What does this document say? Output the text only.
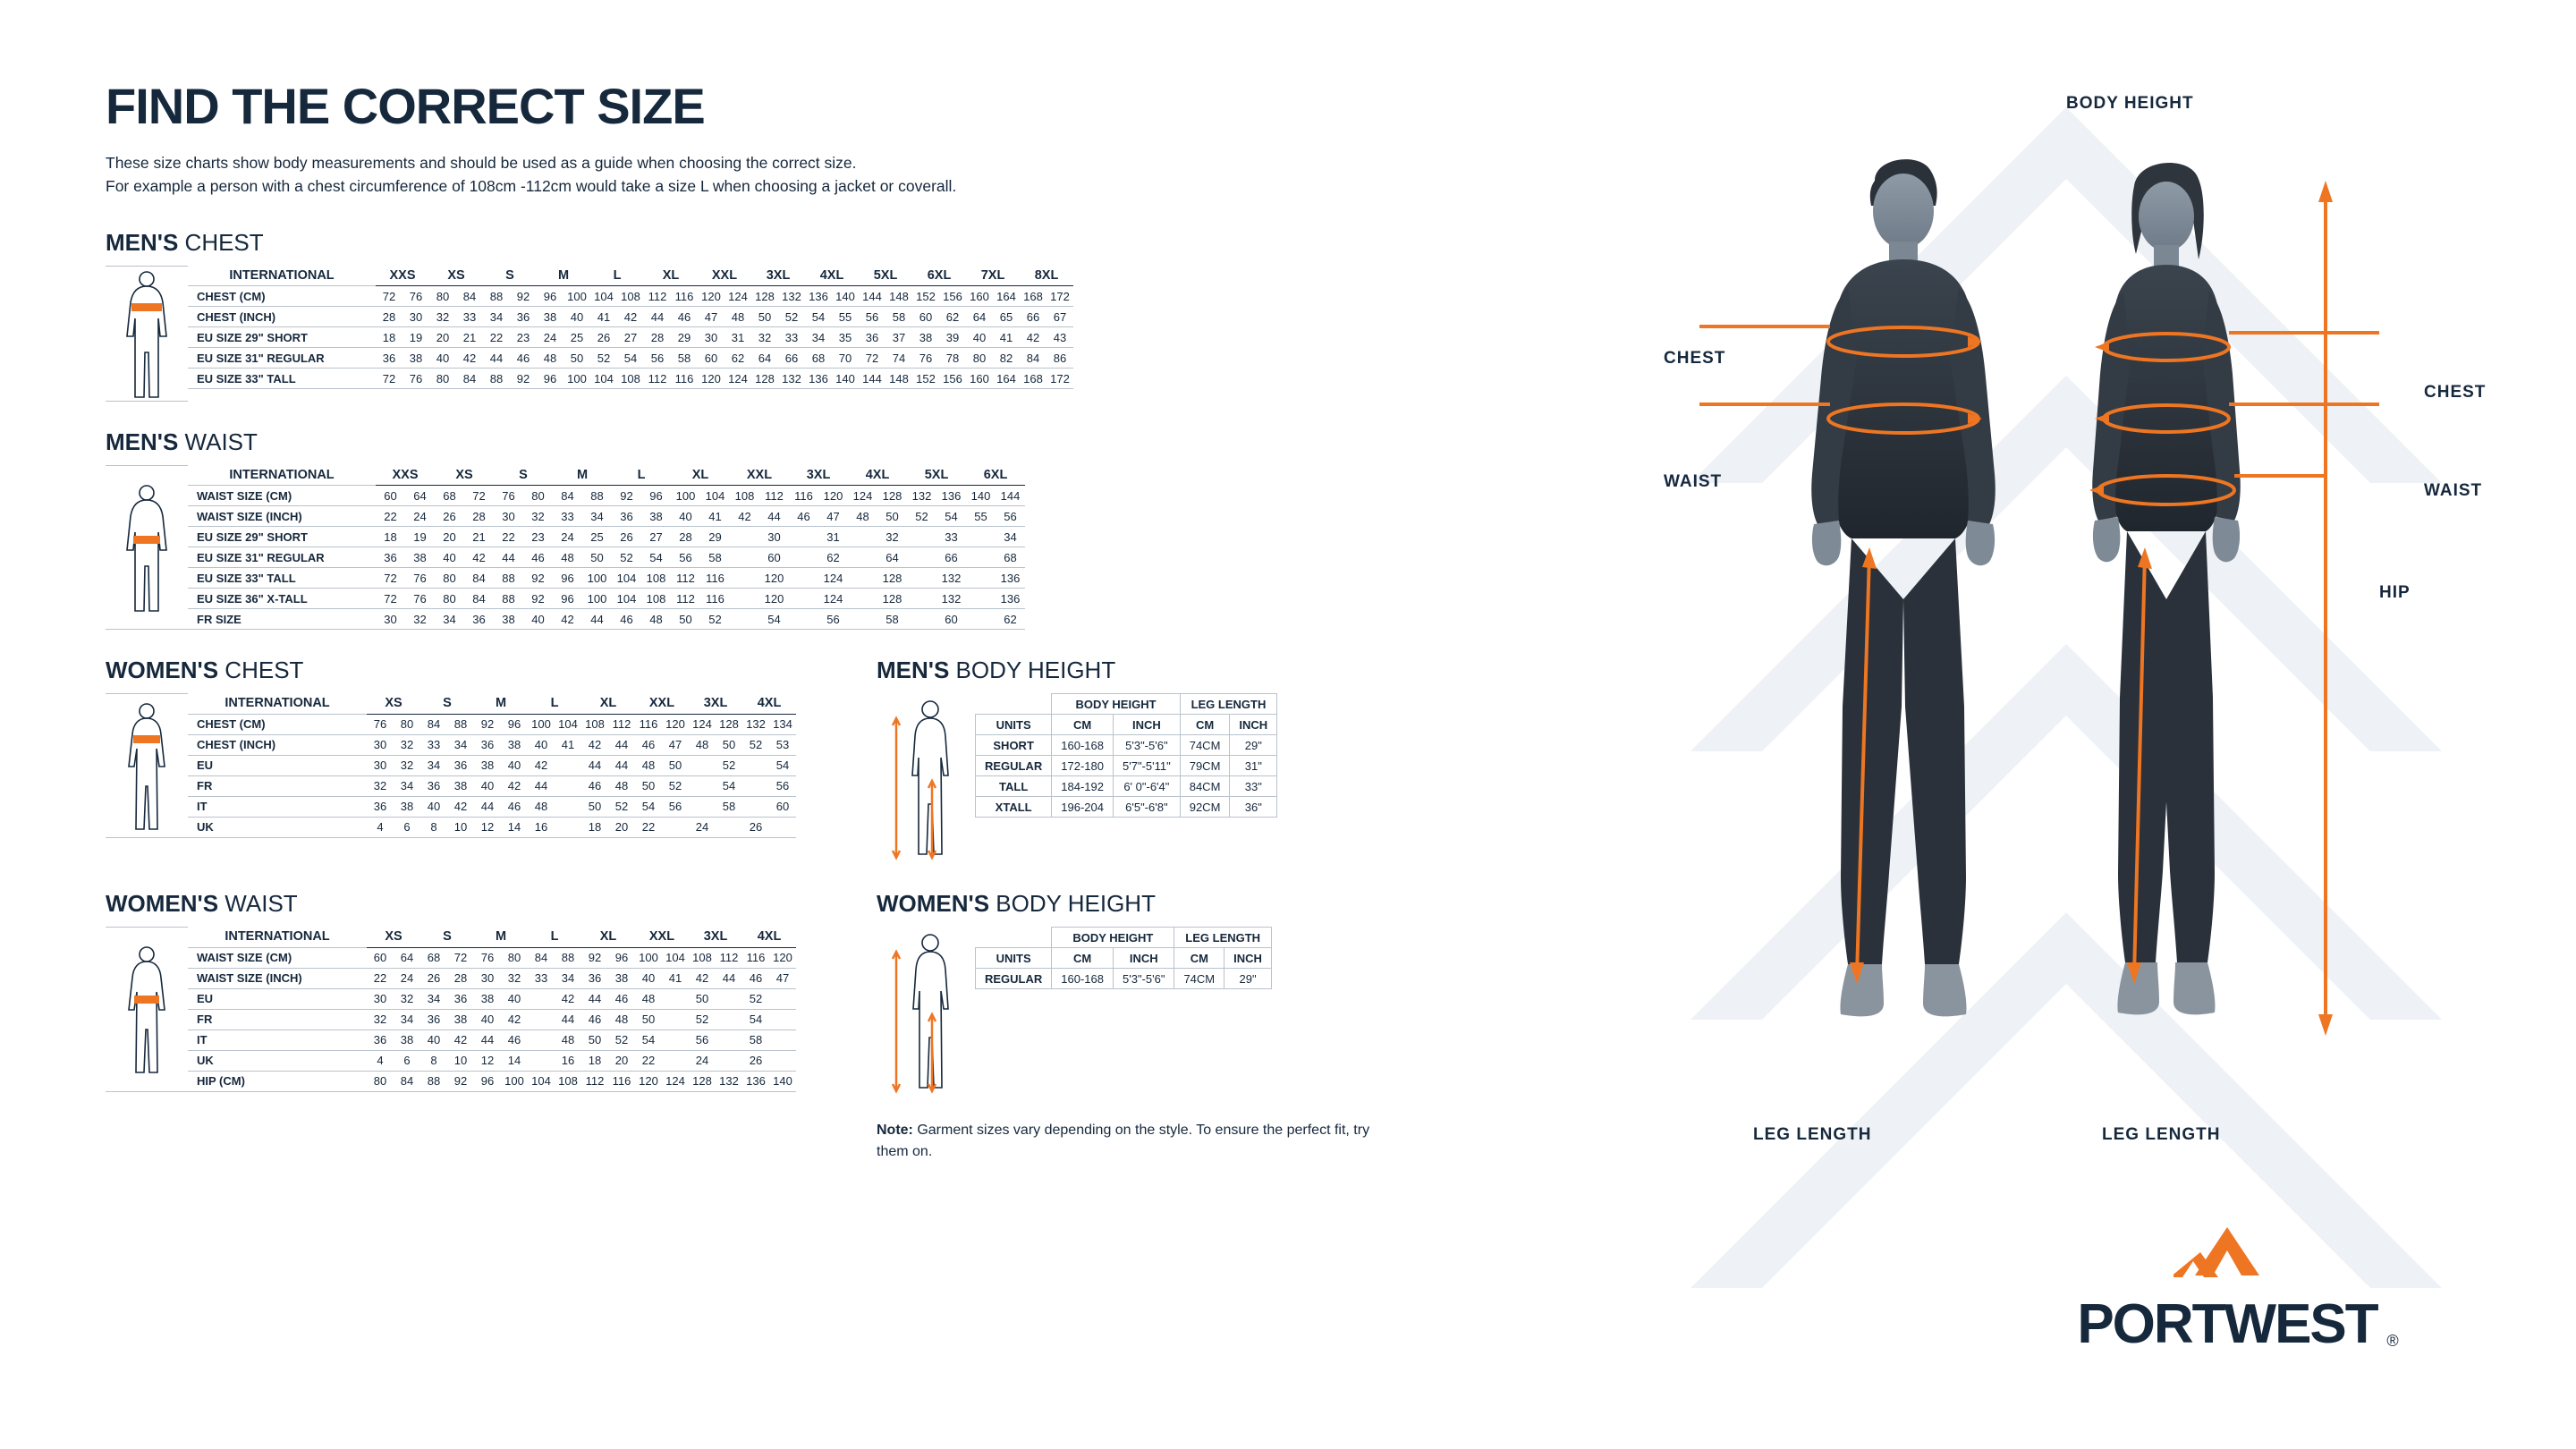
FIND THE CORRECT SIZE
These size charts show body measurements and should be used as a guide when choosing the correct size.
For example a person with a chest circumference of 108cm -112cm would take a size L when choosing a jacket or coverall.
MEN'S CHEST
INTERNATIONAL	XXS		XS		S		M		L		XL		XXL		3XL		4XL		5XL		6XL		7XL		8XL	
CHEST (CM)	72	76	80	84	88	92	96	100	104	108	112	116	120	124	128	132	136	140	144	148	152	156	160	164	168	172
CHEST (INCH)	28	30	32	33	34	36	38	40	41	42	44	46	47	48	50	52	54	55	56	58	60	62	64	65	66	67
EU SIZE 29" SHORT	18	19	20	21	22	23	24	25	26	27	28	29	30	31	32	33	34	35	36	37	38	39	40	41	42	43
EU SIZE 31" REGULAR	36	38	40	42	44	46	48	50	52	54	56	58	60	62	64	66	68	70	72	74	76	78	80	82	84	86
EU SIZE 33" TALL	72	76	80	84	88	92	96	100	104	108	112	116	120	124	128	132	136	140	144	148	152	156	160	164	168	172
MEN'S WAIST
INTERNATIONAL	XXS		XS		S		M		L		XL		XXL		3XL		4XL		5XL		6XL	
WAIST SIZE (CM)	60	64	68	72	76	80	84	88	92	96	100	104	108	112	116	120	124	128	132	136	140	144
WAIST SIZE (INCH)	22	24	26	28	30	32	33	34	36	38	40	41	42	44	46	47	48	50	52	54	55	56
EU SIZE 29" SHORT	18	19	20	21	22	23	24	25	26	27	28	29		30		31		32		33		34
EU SIZE 31" REGULAR	36	38	40	42	44	46	48	50	52	54	56	58		60		62		64		66		68
EU SIZE 33" TALL	72	76	80	84	88	92	96	100	104	108	112	116		120		124		128		132		136
EU SIZE 36" X-TALL	72	76	80	84	88	92	96	100	104	108	112	116		120		124		128		132		136
FR SIZE	30	32	34	36	38	40	42	44	46	48	50	52		54		56		58		60		62
WOMEN'S CHEST
INTERNATIONAL	XS		S		M		L		XL		XXL		3XL		4XL	
CHEST (CM)	76	80	84	88	92	96	100	104	108	112	116	120	124	128	132	134
CHEST (INCH)	30	32	33	34	36	38	40	41	42	44	46	47	48	50	52	53
EU	30	32	34	36	38	40	42		44	44	48	50		52		54
FR	32	34	36	38	40	42	44		46	48	50	52		54		56
IT	36	38	40	42	44	46	48		50	52	54	56		58		60
UK	4	6	8	10	12	14	16		18	20	22		24		26	
MEN'S BODY HEIGHT
	BODY HEIGHT		LEG LENGTH	
UNITS	CM	INCH	CM	INCH
SHORT	160-168	5'3"-5'6"	74CM	29"
REGULAR	172-180	5'7"-5'11"	79CM	31"
TALL	184-192	6' 0"-6'4"	84CM	33"
XTALL	196-204	6'5"-6'8"	92CM	36"
WOMEN'S WAIST
INTERNATIONAL	XS		S		M		L		XL		XXL		3XL		4XL	
WAIST SIZE (CM)	60	64	68	72	76	80	84	88	92	96	100	104	108	112	116	120
WAIST SIZE (INCH)	22	24	26	28	30	32	33	34	36	38	40	41	42	44	46	47
EU	30	32	34	36	38	40		42	44	46	48		50		52	
FR	32	34	36	38	40	42		44	46	48	50		52		54	
IT	36	38	40	42	44	46		48	50	52	54		56		58	
UK	4	6	8	10	12	14		16	18	20	22		24		26	
HIP (CM)	80	84	88	92	96	100	104	108	112	116	120	124	128	132	136	140
WOMEN'S BODY HEIGHT
	BODY HEIGHT		LEG LENGTH	
UNITS	CM	INCH	CM	INCH
REGULAR	160-168	5'3"-5'6"	74CM	29"
Note: Garment sizes vary depending on the style. To ensure the perfect fit, try them on.
BODY HEIGHT
CHEST
WAIST
CHEST
WAIST
HIP
LEG LENGTH	LEG LENGTH
PORTWEST ®
